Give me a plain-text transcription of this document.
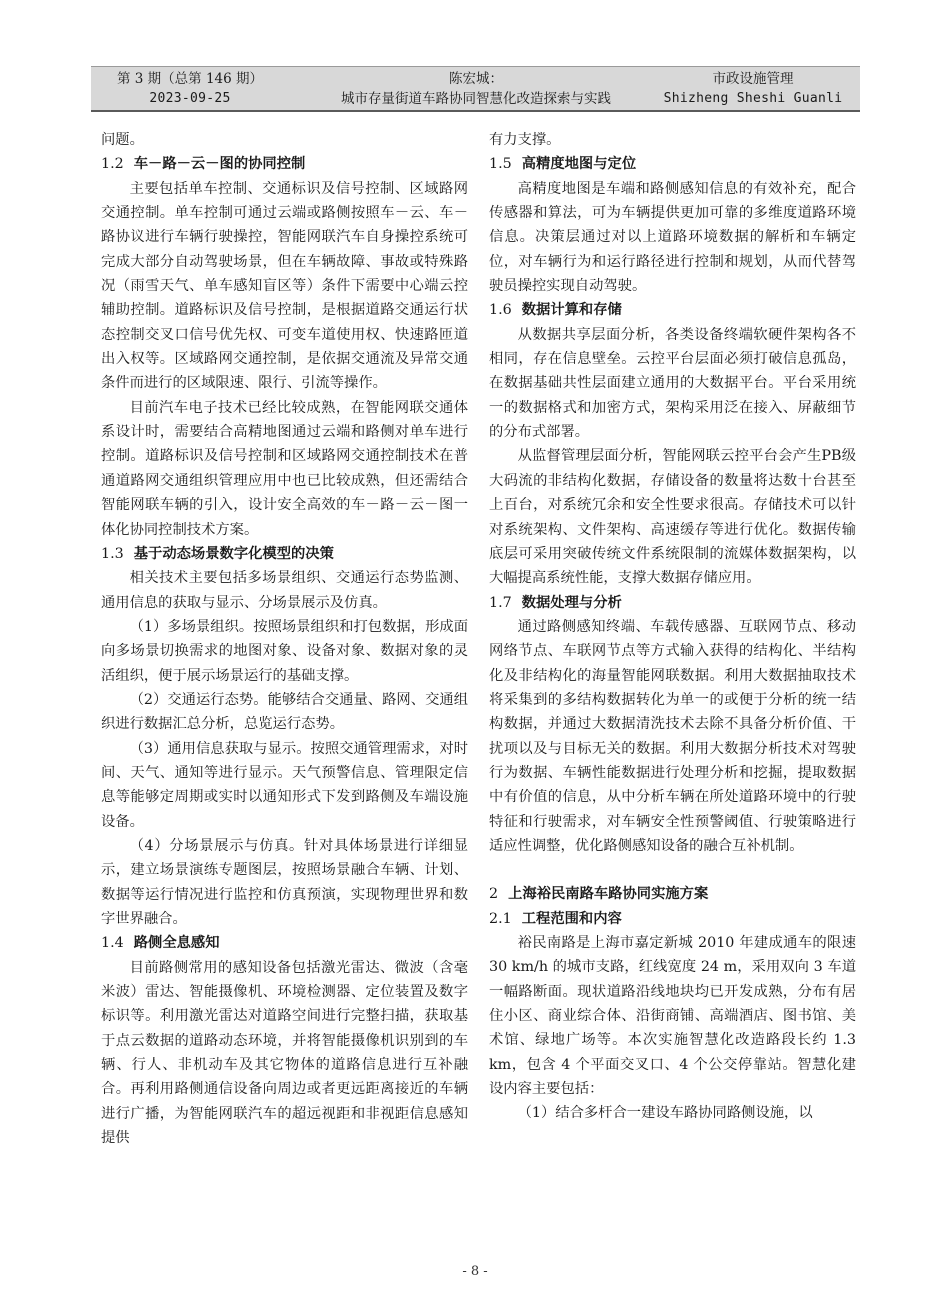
第 3 期（总第 146 期）
2023-09-25
陈宏城：
城市存量街道车路协同智慧化改造探索与实践
市政设施管理
Shizheng Sheshi Guanli

问题。

1.2 车－路－云－图的协同控制

主要包括单车控制、交通标识及信号控制、区域路网交通控制。单车控制可通过云端或路侧按照车－云、车－路协议进行车辆行驶操控，智能网联汽车自身操控系统可完成大部分自动驾驶场景，但在车辆故障、事故或特殊路况（雨雪天气、单车感知盲区等）条件下需要中心端云控辅助控制。道路标识及信号控制，是根据道路交通运行状态控制交叉口信号优先权、可变车道使用权、快速路匝道出入权等。区域路网交通控制，是依据交通流及异常交通条件而进行的区域限速、限行、引流等操作。

目前汽车电子技术已经比较成熟，在智能网联交通体系设计时，需要结合高精地图通过云端和路侧对单车进行控制。道路标识及信号控制和区域路网交通控制技术在普通道路网交通组织管理应用中也已比较成熟，但还需结合智能网联车辆的引入，设计安全高效的车－路－云－图一体化协同控制技术方案。

1.3 基于动态场景数字化模型的决策

相关技术主要包括多场景组织、交通运行态势监测、通用信息的获取与显示、分场景展示及仿真。

（1）多场景组织。按照场景组织和打包数据，形成面向多场景切换需求的地图对象、设备对象、数据对象的灵活组织，便于展示场景运行的基础支撑。

（2）交通运行态势。能够结合交通量、路网、交通组织进行数据汇总分析，总览运行态势。

（3）通用信息获取与显示。按照交通管理需求，对时间、天气、通知等进行显示。天气预警信息、管理限定信息等能够定周期或实时以通知形式下发到路侧及车端设施设备。

（4）分场景展示与仿真。针对具体场景进行详细显示，建立场景演练专题图层，按照场景融合车辆、计划、数据等运行情况进行监控和仿真预演，实现物理世界和数字世界融合。

1.4 路侧全息感知

目前路侧常用的感知设备包括激光雷达、微波（含毫米波）雷达、智能摄像机、环境检测器、定位装置及数字标识等。利用激光雷达对道路空间进行完整扫描，获取基于点云数据的道路动态环境，并将智能摄像机识别到的车辆、行人、非机动车及其它物体的道路信息进行互补融合。再利用路侧通信设备向周边或者更远距离接近的车辆进行广播，为智能网联汽车的超远视距和非视距信息感知提供

有力支撑。

1.5 高精度地图与定位

高精度地图是车端和路侧感知信息的有效补充，配合传感器和算法，可为车辆提供更加可靠的多维度道路环境信息。决策层通过对以上道路环境数据的解析和车辆定位，对车辆行为和运行路径进行控制和规划，从而代替驾驶员操控实现自动驾驶。

1.6 数据计算和存储

从数据共享层面分析，各类设备终端软硬件架构各不相同，存在信息壁垒。云控平台层面必须打破信息孤岛，在数据基础共性层面建立通用的大数据平台。平台采用统一的数据格式和加密方式，架构采用泛在接入、屏蔽细节的分布式部署。

从监督管理层面分析，智能网联云控平台会产生PB级大码流的非结构化数据，存储设备的数量将达数十台甚至上百台，对系统冗余和安全性要求很高。存储技术可以针对系统架构、文件架构、高速缓存等进行优化。数据传输底层可采用突破传统文件系统限制的流媒体数据架构，以大幅提高系统性能，支撑大数据存储应用。

1.7 数据处理与分析

通过路侧感知终端、车载传感器、互联网节点、移动网络节点、车联网节点等方式输入获得的结构化、半结构化及非结构化的海量智能网联数据。利用大数据抽取技术将采集到的多结构数据转化为单一的或便于分析的统一结构数据，并通过大数据清洗技术去除不具备分析价值、干扰项以及与目标无关的数据。利用大数据分析技术对驾驶行为数据、车辆性能数据进行处理分析和挖掘，提取数据中有价值的信息，从中分析车辆在所处道路环境中的行驶特征和行驶需求，对车辆安全性预警阈值、行驶策略进行适应性调整，优化路侧感知设备的融合互补机制。

2 上海裕民南路车路协同实施方案
2.1 工程范围和内容

裕民南路是上海市嘉定新城 2010 年建成通车的限速 30 km/h 的城市支路，红线宽度 24 m，采用双向 3 车道一幅路断面。现状道路沿线地块均已开发成熟，分布有居住小区、商业综合体、沿街商铺、高端酒店、图书馆、美术馆、绿地广场等。本次实施智慧化改造路段长约 1.3 km，包含 4 个平面交叉口、4 个公交停靠站。智慧化建设内容主要包括：

（1）结合多杆合一建设车路协同路侧设施，以

- 8 -
